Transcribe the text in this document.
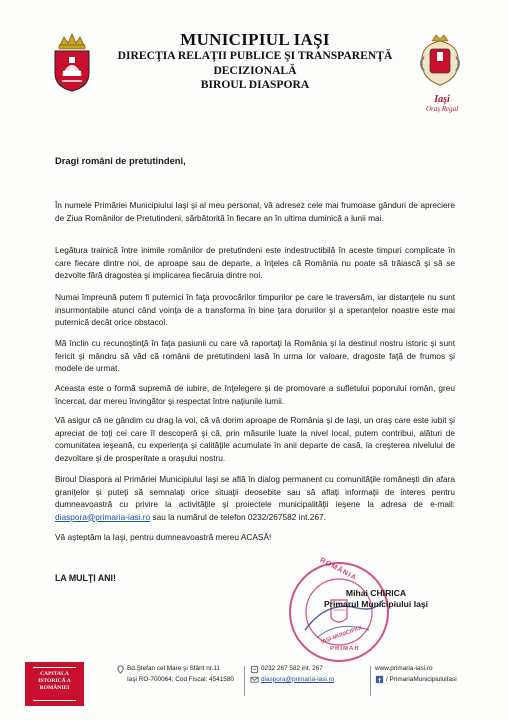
MUNICIPIUL IAŞI
DIRECŢIA RELAŢII PUBLICE ŞI TRANSPARENŢĂ
DECIZIONALĂ
BIROUL DIASPORA
Iaşi
Oraş Regal
Dragi români de pretutindeni,

În numele Primăriei Municipiului Iaşi şi al meu personal, vă adresez cele mai frumoase gânduri de apreciere de Ziua Românilor de Pretutindeni, sărbătorită în fiecare an în ultima duminică a lunii mai.

Legătura trainică între inimile românilor de pretutindeni este indestructibilă în aceste timpuri complicate în care fiecare dintre noi, de aproape sau de departe, a înţeles că România nu poate să trăiască şi să se dezvolte fără dragostea şi implicarea fiecăruia dintre noi.

Numai împreună putem fi puternici în faţa provocărilor timpurilor pe care le traversăm, iar distanţele nu sunt insurmontabile atunci când voinţa de a transforma în bine ţara dorurilor şi a speranţelor noastre este mai puternică decât orice obstacol.

Mă înclin cu recunoştinţă în faţa pasiunii cu care vă raportaţi la România şi la destinul nostru istoric şi sunt fericit şi mândru să văd că românii de pretutindeni lasă în urma lor valoare, dragoste faţă de frumos şi modele de urmat.

Aceasta este o formă supremă de iubire, de înţelegere şi de promovare a sufletului poporului român, greu încercat, dar mereu învingător şi respectat între naţiunile lumii.

Vă asigur că ne gândim cu drag la voi, că vă dorim aproape de România şi de Iaşi, un oraş care este iubit şi apreciat de toţi cei care îl descoperă şi că, prin măsurile luate la nivel local, putem contribui, alături de comunitatea ieşeană, cu experienţa şi calităţile acumulate în anii departe de casă, la creşterea nivelului de dezvoltare şi de prosperitate a oraşului nostru.

Biroul Diaspora al Primăriei Municipiului Iaşi se află în dialog permanent cu comunităţile româneşti din afara graniţelor şi puteţi să semnalaţi orice situaţii deosebite sau să aflaţi informaţii de interes pentru dumneavoastră cu privire la activităţile şi proiectele municipalităţii ieşene la adresa de e-mail: diaspora@primaria-iasi.ro sau la numărul de telefon 0232/267582 int.267.

Vă aşteptăm la Iaşi, pentru dumneavoastră mereu ACASĂ!

LA MULŢI ANI!	ROMÂNIA
IAŞI-MUNICIPIUL
PRIMAR
Mihai CHIRICA
Primarul Municipiului Iaşi
CAPITALA
ISTORICĂ A
ROMÂNIEI
Bd.Ştefan cel Mare şi Sfânt nr.11
Iaşi RO-700064; Cod Fiscal: 4541580
0232 267 582 int. 267
diaspora@primaria-iasi.ro
www.primaria-iasi.ro
/ PrimariaMunicipiuluiIasi
